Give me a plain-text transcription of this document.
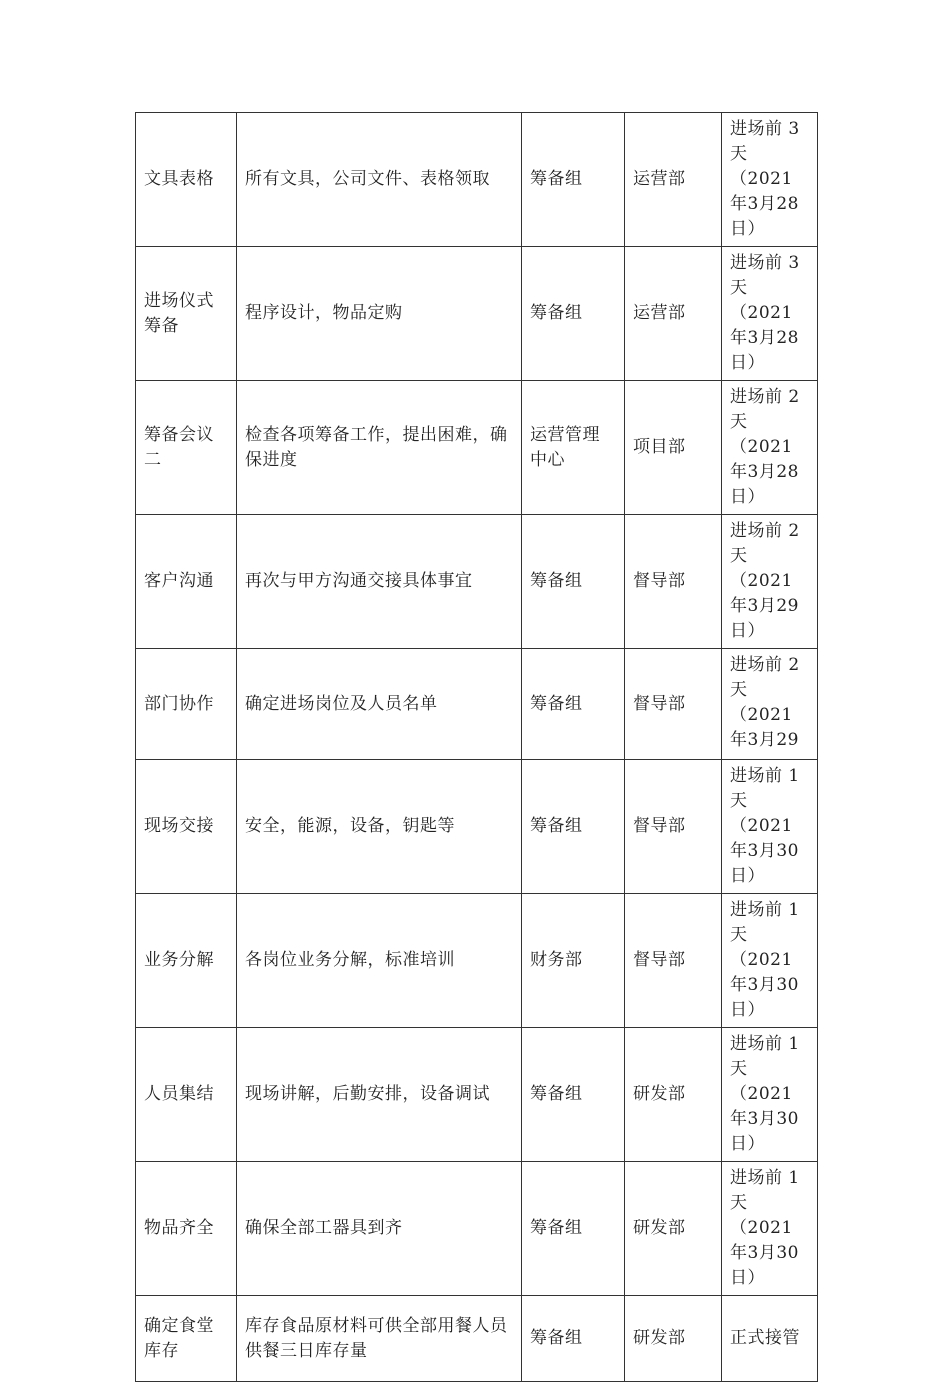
文具表格	所有文具，公司文件、表格领取	筹备组	运营部	进场前 3天（2021年3月28日）
进场仪式筹备	程序设计，物品定购	筹备组	运营部	进场前 3天（2021年3月28日）
筹备会议二	检查各项筹备工作，提出困难，确保进度	运营管理中心	项目部	进场前 2天（2021年3月28日）
客户沟通	再次与甲方沟通交接具体事宜	筹备组	督导部	进场前 2天（2021年3月29日）
部门协作	确定进场岗位及人员名单	筹备组	督导部	进场前 2天（2021年3月29

现场交接	安全，能源，设备，钥匙等	筹备组	督导部	进场前 1天（2021年3月30日）
业务分解	各岗位业务分解，标准培训	财务部	督导部	进场前 1天（2021年3月30日）
人员集结	现场讲解，后勤安排，设备调试	筹备组	研发部	进场前 1天（2021年3月30日）
物品齐全	确保全部工器具到齐	筹备组	研发部	进场前 1天（2021年3月30日）
确定食堂库存	库存食品原材料可供全部用餐人员供餐三日库存量	筹备组	研发部	正式接管
